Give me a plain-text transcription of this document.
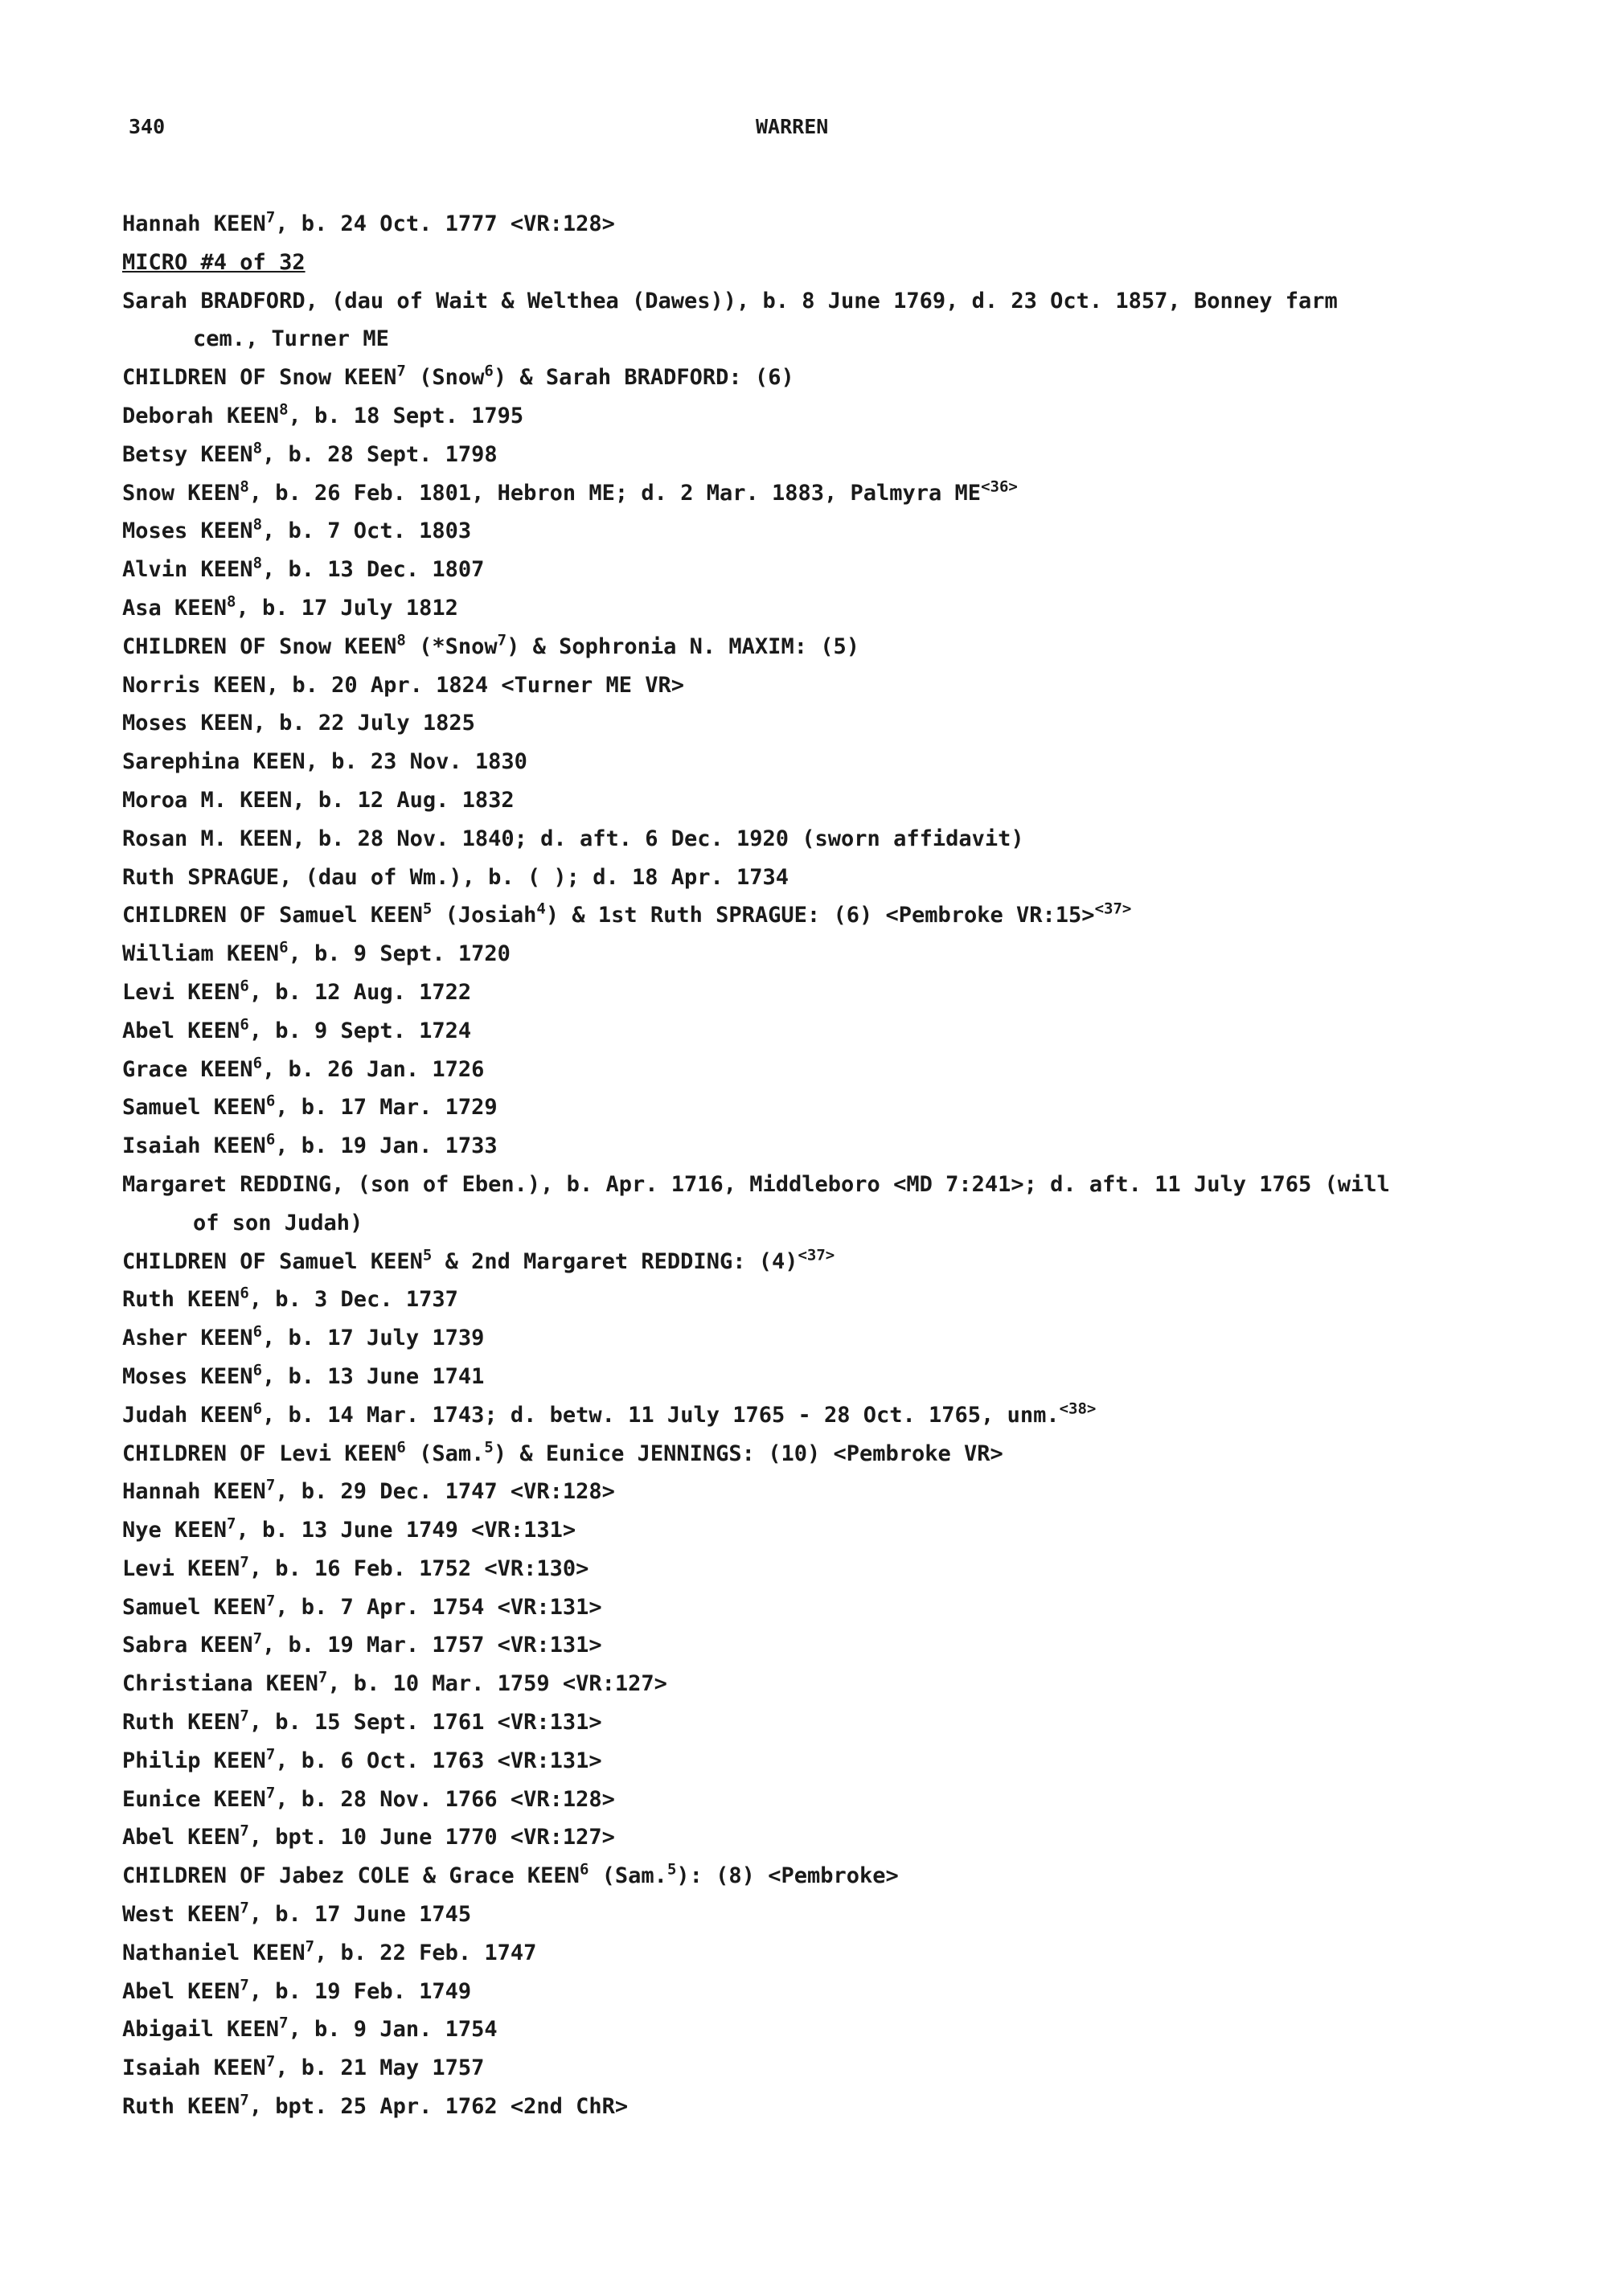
340	WARREN
Hannah KEEN$^7$, b. 24 Oct. 1777 <VR:128>
MICRO #4 of 32
Sarah BRADFORD, (dau of Wait & Welthea (Dawes)), b. 8 June 1769, d. 23 Oct. 1857, Bonney farm
cem., Turner ME
CHILDREN OF Snow KEEN$^7$ (Snow$^6$) & Sarah BRADFORD: (6)
Deborah KEEN$^8$, b. 18 Sept. 1795
Betsy KEEN$^8$, b. 28 Sept. 1798
Snow KEEN$^8$, b. 26 Feb. 1801, Hebron ME; d. 2 Mar. 1883, Palmyra $ME^{<36>}$
Moses KEEN$^8$, b. 7 Oct. 1803
Alvin KEEN$^8$, b. 13 Dec. 1807
Asa KEEN$^8$, b. 17 July 1812
CHILDREN OF Snow KEEN$^8$ (*Snow$^7$) & Sophronia N. MAXIM: (5)
Norris KEEN, b. 20 Apr. 1824 <Turner ME VR>
Moses KEEN, b. 22 July 1825
Sarephina KEEN, b. 23 Nov. 1830
Moroa M. KEEN, b. 12 Aug. 1832
Rosan M. KEEN, b. 28 Nov. 1840; d. aft. 6 Dec. 1920 (sworn affidavit)
Ruth SPRAGUE, (dau of Wm.), b. ( ); d. 18 Apr. 1734
CHILDREN OF Samuel KEEN$^5$ (Josiah$^4$) & 1st Ruth SPRAGUE: (6) <Pembroke VR:15>$^{<37>}$
William KEEN$^6$, b. 9 Sept. 1720
Levi KEEN$^6$, b. 12 Aug. 1722
Abel KEEN$^6$, b. 9 Sept. 1724
Grace KEEN$^6$, b. 26 Jan. 1726
Samuel KEEN$^6$, b. 17 Mar. 1729
Isaiah KEEN$^6$, b. 19 Jan. 1733
Margaret REDDING, (son of Eben.), b. Apr. 1716, Middleboro <MD 7:241>; d. aft. 11 July 1765 (will
of son Judah)
CHILDREN OF Samuel KEEN$^5$ & 2nd Margaret REDDING: $(4)^{<37>}$
Ruth KEEN$^6$, b. 3 Dec. 1737
Asher KEEN$^6$, b. 17 July 1739
Moses KEEN$^6$, b. 13 June 1741
Judah KEEN$^6$, b. 14 Mar. 1743; d. betw. 11 July 1765 - 28 Oct. 1765, unm.$^{<38>}$
CHILDREN OF Levi KEEN$^6$ (Sam.$^5$) & Eunice JENNINGS: (10) <Pembroke VR>
Hannah KEEN$^7$, b. 29 Dec. 1747 <VR:128>
Nye KEEN$^7$, b. 13 June 1749 <VR:131>
Levi KEEN$^7$, b. 16 Feb. 1752 <VR:130>
Samuel KEEN$^7$, b. 7 Apr. 1754 <VR:131>
Sabra KEEN$^7$, b. 19 Mar. 1757 <VR:131>
Christiana KEEN$^7$, b. 10 Mar. 1759 <VR:127>
Ruth KEEN$^7$, b. 15 Sept. 1761 <VR:131>
Philip KEEN$^7$, b. 6 Oct. 1763 <VR:131>
Eunice KEEN$^7$, b. 28 Nov. 1766 <VR:128>
Abel KEEN$^7$, bpt. 10 June 1770 <VR:127>
CHILDREN OF Jabez COLE & Grace KEEN$^6$ (Sam.$^5$): (8) <Pembroke>
West KEEN$^7$, b. 17 June 1745
Nathaniel KEEN$^7$, b. 22 Feb. 1747
Abel KEEN$^7$, b. 19 Feb. 1749
Abigail KEEN$^7$, b. 9 Jan. 1754
Isaiah KEEN$^7$, b. 21 May 1757
Ruth KEEN$^7$, bpt. 25 Apr. 1762 <2nd ChR>
